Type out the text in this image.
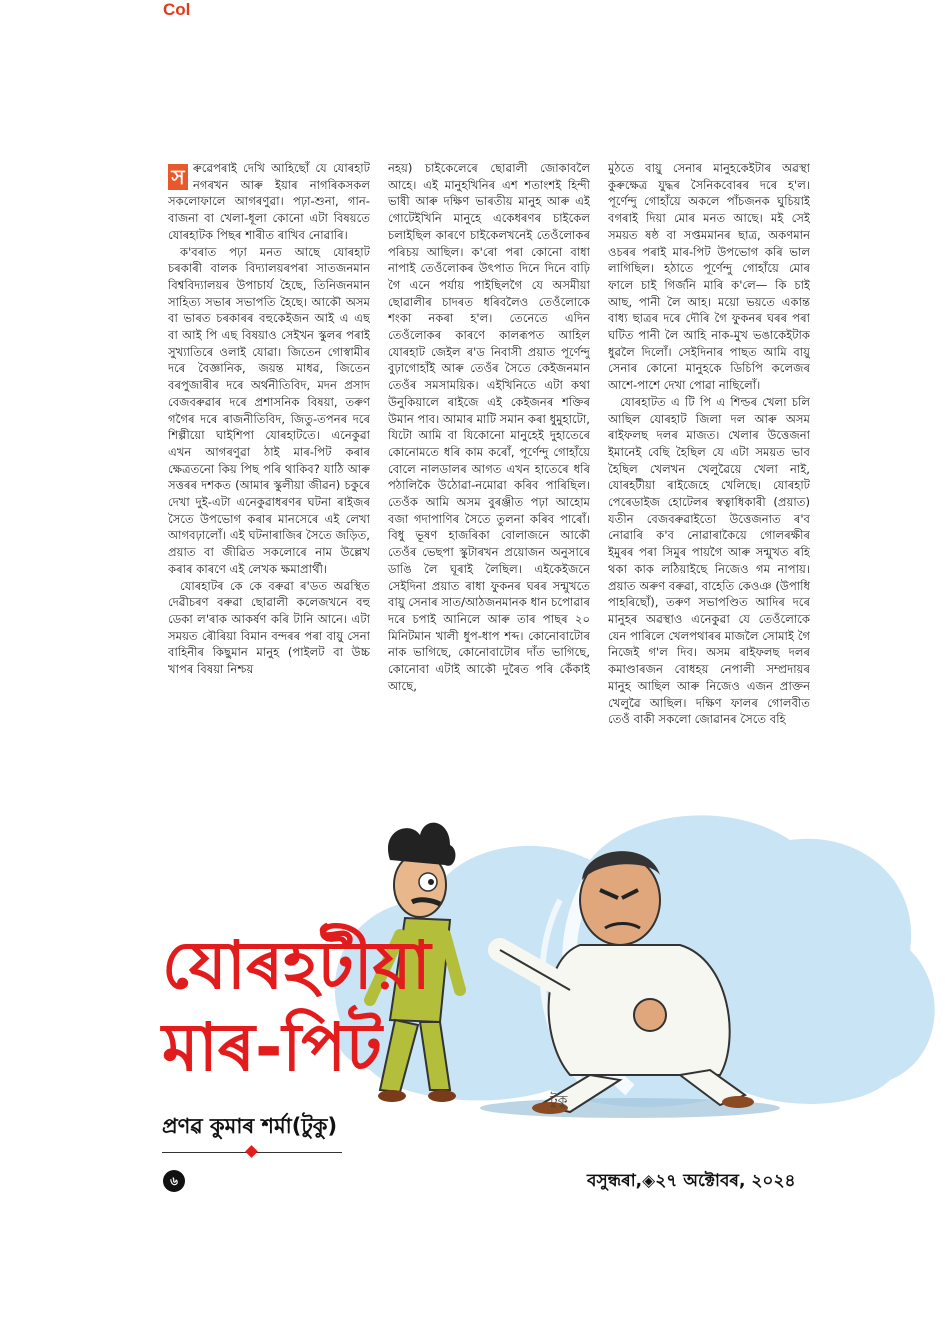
Col

স ৰুৱেপৰাই দেখি আহিছোঁ যে যোৰহাট নগৰখন আৰু ইয়াৰ নাগৰিকসকল সকলোফালে আগৰণুৱা। পঢ়া-শুনা, গান-বাজনা বা খেলা-ধূলা কোনো এটা বিষয়তে যোৰহাটক পিছৰ শাৰীত ৰাখিব নোৱাৰি।

ক'বৰাত পঢ়া মনত আছে যোৰহাট চৰকাৰী বালক বিদ্যালয়ৰপৰা সাতজনমান বিশ্ববিদ্যালয়ৰ উপাচাৰ্য হৈছে, তিনিজনমান সাহিত্য সভাৰ সভাপতি হৈছে। আকৌ অসম বা ভাৰত চৰকাৰৰ বহুকেইজন আই এ এছ বা আই পি এছ বিষয়াও সেইখন স্কুলৰ পৰাই সুখ্যাতিৰে ওলাই যোৱা। জিতেন গোস্বামীৰ দৰে বৈজ্ঞানিক, জয়ন্ত মাধৱ, জিতেন বৰপুজাৰীৰ দৰে অৰ্থনীতিবিদ, মদন প্ৰসাদ বেজবৰুৱাৰ দৰে প্ৰশাসনিক বিষয়া, তৰুণ গগৈৰ দৰে ৰাজনীতিবিদ, জিতু-তপনৰ দৰে শিল্পীয়ো ঘাইশিপা যোৰহাটতে। এনেকুৱা এখন আগৰণুৱা ঠাই মাৰ-পিট কৰাৰ ক্ষেত্ৰতনো কিয় পিছ পৰি থাকিব? যাঠি আৰু সত্তৰৰ দশকত (আমাৰ স্কুলীয়া জীৱন) চকুৰে দেখা দুই-এটা এনেকুৱাধৰণৰ ঘটনা ৰাইজৰ সৈতে উপভোগ কৰাৰ মানসেৰে এই লেখা আগবঢ়ালোঁ। এই ঘটনাৰাজিৰ সৈতে জড়িত, প্ৰয়াত বা জীৱিত সকলোৰে নাম উল্লেখ কৰাৰ কাৰণে এই লেখক ক্ষমাপ্ৰাৰ্থী।

যোৰহাটৰ কে কে বৰুৱা ৰ'ডত অৱস্থিত দেৱীচৰণ বৰুৱা ছোৱালী কলেজখনে বহু ডেকা ল'ৰাক আকৰ্ষণ কৰি টানি আনে। এটা সময়ত ৰৌৰিয়া বিমান বন্দৰৰ পৰা বায়ু সেনা বাহিনীৰ কিছুমান মানুহ (পাইলট বা উচ্চ খাপৰ বিষয়া নিশ্চয়

নহয়) চাইকেলেৰে ছোৱালী জোকাবলৈ আহে। এই মানুহখিনিৰ এশ শতাংশই হিন্দী ভাষী আৰু দক্ষিণ ভাৰতীয় মানুহ আৰু এই গোটেইখিনি মানুহে একেধৰণৰ চাইকেল চলাইছিল কাৰণে চাইকেলখনেই তেওঁলোকৰ পৰিচয় আছিল। ক'ৰো পৰা কোনো বাধা নাপাই তেওঁলোকৰ উৎপাত দিনে দিনে বাঢ়ি গৈ এনে পৰ্যায় পাইছিলগৈ যে অসমীয়া ছোৱালীৰ চাদৰত ধৰিবলৈও তেওঁলোকে শংকা নকৰা হ'ল। তেনেতে এদিন তেওঁলোকৰ কাৰণে কালৰূপত আহিল যোৰহাট জেইল ৰ'ড নিবাসী প্ৰয়াত পূৰ্ণেন্দু বুঢ়াগোহাঁই আৰু তেওঁৰ সৈতে কেইজনমান তেওঁৰ সমসাময়িক। এইখিনিতে এটা কথা উনুকিয়ালে ৰাইজে এই কেইজনৰ শক্তিৰ উমান পাব। আমাৰ মাটি সমান কৰা ধুমুহাটো, যিটো আমি বা যিকোনো মানুহেই দুহাতেৰে কোনোমতে ধৰি কাম কৰোঁ, পূৰ্ণেন্দু গোহাঁয়ে বোলে নালডালৰ আগত এখন হাতেৰে ধৰি পঠালিকৈ উঠোৱা-নমোৱা কৰিব পাৰিছিল। তেওঁক আমি অসম বুৰঞ্জীত পঢ়া আহোম বজা গদাপাণিৰ সৈতে তুলনা কৰিব পাৰোঁ। বিধু ভূষণ হাজৰিকা বোলাজনে আকৌ তেওঁৰ ভেছপা স্কুটাৰখন প্ৰয়োজন অনুসাৰে ডাঙি লৈ ঘূৰাই লৈছিল। এইকেইজনে সেইদিনা প্ৰয়াত ৰাধা ফুকনৰ ঘৰৰ সন্মুখতে বায়ু সেনাৰ সাত/আঠজনমানক ধান চপোৱাৰ দৰে চপাই আনিলে আৰু তাৰ পাছৰ ২০ মিনিটমান খালী ধুপ-ধাপ শব্দ। কোনোবাটোৰ নাক ভাগিছে, কোনোবাটোৰ দাঁত ভাগিছে, কোনোবা এটাই আকৌ দুৰৈত পৰি কেঁকাই আছে,

মুঠতে বায়ু সেনাৰ মানুহকেইটাৰ অৱস্থা কুৰুক্ষেত্ৰ যুদ্ধৰ সৈনিকবোৰৰ দৰে হ'ল। পূৰ্ণেন্দু গোহাঁয়ে অকলে পাঁচজনক ঘুচিয়াই বগৰাই দিয়া মোৰ মনত আছে। মই সেই সময়ত ষষ্ঠ বা সপ্তমমানৰ ছাত্ৰ, অকণমান ওচৰৰ পৰাই মাৰ-পিট উপভোগ কৰি ভাল লাগিছিল। হঠাতে পূৰ্ণেন্দু গোহাঁয়ে মোৰ ফালে চাই গিৰ্জনি মাৰি ক'লে— কি চাই আছ, পানী লৈ আহ। ময়ো ভয়তে একান্ত বাধ্য ছাত্ৰৰ দৰে দৌৰি গৈ ফুকনৰ ঘৰৰ পৰা ঘটিত পানী লৈ আহি নাক-মুখ ভঙাকেইটাক ধুৱলৈ দিলোঁ। সেইদিনাৰ পাছত আমি বায়ু সেনাৰ কোনো মানুহকে ডিচিপি কলেজৰ আশে-পাশে দেখা পোৱা নাছিলোঁ।

যোৰহাটত এ টি পি এ শিল্ডৰ খেলা চলি আছিল যোৰহাট জিলা দল আৰু অসম ৰাইফলছ দলৰ মাজত। খেলাৰ উত্তেজনা ইমানেই বেছি হৈছিল যে এটা সময়ত ভাব হৈছিল খেলখন খেলুৱৈয়ে খেলা নাই, যোৰহটীয়া ৰাইজেহে খেলিছে। যোৰহাট পেৰেডাইজ হোটেলৰ স্বত্বাধিকাৰী (প্ৰয়াত) যতীন বেজবৰুৱাইতো উত্তেজনাত ৰ'ব নোৱাৰি ক'ব নোৱাৰাকৈয়ে গোলৰক্ষীৰ ইমুৰৰ পৰা সিমুৰ পায়গৈ আৰু সন্মুখত ৰহি থকা কাক লঠিয়াইছে নিজেও গম নাপায়। প্ৰয়াত অৰুণ বৰুৱা, বাহেতি কেওঞ (উপাধি পাহৰিছোঁ), তৰুণ সভাপণ্ডিত আদিৰ দৰে মানুহৰ অৱস্থাও এনেকুৱা যে তেওঁলোকে যেন পাৰিলে খেলপথাৰৰ মাজলৈ সোমাই গৈ নিজেই গ'ল দিব। অসম ৰাইফলছ দলৰ কমাণ্ডাৰজন বোধহয় নেপালী সম্প্ৰদায়ৰ মানুহ আছিল আৰু নিজেও এজন প্ৰাক্তন খেলুৱৈ আছিল। দক্ষিণ ফালৰ গোলবীত তেওঁ বাকী সকলো জোৱানৰ সৈতে বহি

টুকু
যোৰহটীয়া
মাৰ-পিট
প্ৰণৱ কুমাৰ শৰ্মা(টুকু)
৬	বসুন্ধৰা,◈২৭ অক্টোবৰ, ২০২৪
